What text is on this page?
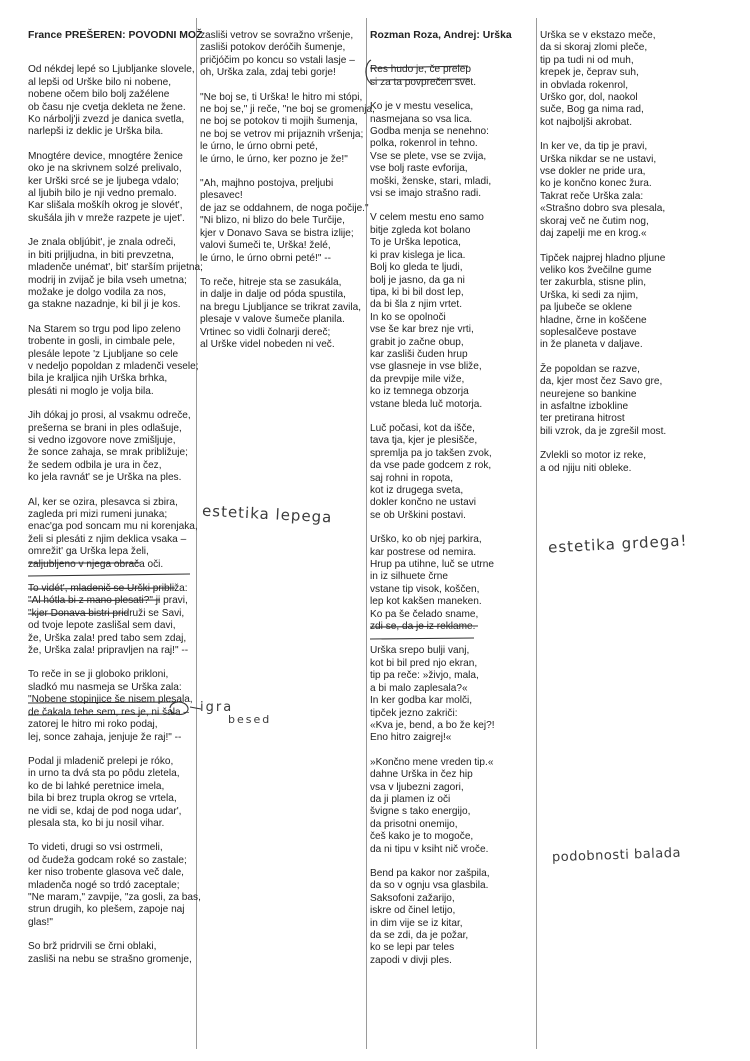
France PREŠEREN: POVODNI MOŽ
Od nékdej lepé so Ljubljanke slovele,
al lepši od Urške bilo ni nobene,
nobene očem bilo bolj zažélene
ob času nje cvetja dekleta ne žene.
Ko nárbolj'ji zvezd je danica svetla,
narlepši iz deklic je Urška bila.
Mnogtére device, mnogtére ženice
oko je na skrivnem solzé prelivalo,
ker Urški srcé se je ljubega vdalo;
al ljubih bilo je nji vedno premalo.
Kar slišala moškíh okrog je slovét',
skušála jih v mreže razpete je ujet'.
Je znala oblјúbit', je znala odreči,
in biti prijljudna, in biti prevzetna,
mladenče unémat', bit' starším prijetna;
modrij in zvijač je bila vseh umetna;
možake je dolgo vodila za nos,
ga stakne nazadnje, ki bil ji je kos.
Na Starem so trgu pod lipo zeleno
trobente in gosli, in cimbale pele,
plesále lepote 'z Ljubljane so cele
v nedeljo popoldan z mladenči vesele;
bila je kraljica njih Urška brhka,
plesáti ni moglo je volja bila.
Jih dókaj jo prosi, al vsakmu odreče,
prešerna se brani in ples odlašuje,
si vedno izgovore nove zmišljuje,
že sonce zahaja, se mrak približuje;
že sedem odbila je ura in čez,
ko jela ravnát' se je Urška na ples.
Al, ker se ozira, plesavca si zbira,
zagleda pri mizi rumeni junaka;
enac'ga pod soncam mu ni korenjaka,
želi si plesáti z njim deklica vsaka –
omrežit' ga Urška lepa želi,
zaljubljeno v njega obrača oči.
To vidét', mladenič se Urški približa:
"Al hótla bi z mano plesati?" ji pravi,
"kjer Donava bistri pridruži se Savi,
od tvoje lepote zaslišal sem davi,
že, Urška zala! pred tabo sem zdaj,
že, Urška zala! pripravljen na raj!" --
To reče in se ji globoko prikloni,
sladkó mu nasmeja se Urška zala:
"Nobene stopinjice še nisem plesala,
de čakala tebe sem, res je, ni šala –
zatorej le hitro mi roko podaj,
lej, sonce zahaja, jenjuje že raj!" --
Podal ji mladenič prelepi je róko,
in urno ta dvá sta po pôdu zletela,
ko de bi lahké peretnice imela,
bila bi brez trupla okrog se vrtela,
ne vidi se, kdaj de pod noga udar',
plesala sta, ko bi ju nosil vihar.
To videti, drugi so vsi ostrmeli,
od čudeža godcam roké so zastale;
ker niso trobente glasova več dale,
mladenča nogé so trdó zaceptale;
"Ne maram," zavpije, "za gosli, za bas,
strun drugih, ko plešem, zapoje naj
glas!"
So brž pridrvili se črni oblaki,
zasliši na nebu se strašno gromenje,
zasliši vetrov se sovražno vršenje,
zasliši potokov deróčih šumenje,
pričjóčim po koncu so vstali lasje –
oh, Urška zala, zdaj tebi gorje!
"Ne boj se, ti Urška! le hitro mi stópi,
ne boj se," ji reče, "ne boj se gromenja,
ne boj se potokov ti mojih šumenja,
ne boj se vetrov mi prijaznih vršenja;
le úrno, le úrno obrni peté,
le úrno, le úrno, ker pozno je že!"
"Ah, majhno postojva, prelјubi
plesavec!
de jaz se oddahnem, de noga počije."
"Ni blizo, ni blizo do bele Turčije,
kjer v Donavo Sava se bistra izlije;
valovi šumeči te, Urška! želé,
le úrno, le úrno obrni peté!" --
To reče, hitreje sta se zasukála,
in dalje in dalje od póda spustila,
na bregu Ljubljance se trikrat zavila,
plesaje v valove šumeče planila.
Vrtinec so vidli čolnarji dereč;
al Urške videl nobeden ni več.
Rozman Roza, Andrej: Urška
Res hudo je, če prelep
si za ta povprečen svet.
Ko je v mestu veselica,
nasmejana so vsa lica.
Godba menja se nenehno:
polka, rokenrol in tehno.
Vse se plete, vse se zvija,
vse bolj raste evforija,
moški, ženske, stari, mladi,
vsi se imajo strašno radi.
V celem mestu eno samo
bitje zgleda kot bolano
To je Urška lepotica,
ki prav kislega je lica.
Bolj ko gleda te ljudi,
bolj je jasno, da ga ni
tipa, ki bi bil dost lep,
da bi šla z njim vrtet.
In ko se opolnoči
vse še kar brez nje vrti,
grabit jo začne obup,
kar zasliši čuden hrup
vse glasneje in vse bliže,
da prevpije mile viže,
ko iz temnega obzorja
vstane bleda luč motorja.
Luč počasi, kot da išče,
tava tja, kjer je plesišče,
spremlja pa jo takšen zvok,
da vse pade godcem z rok,
saj rohni in ropota,
kot iz drugega sveta,
dokler končno ne ustavi
se ob Urškini postavi.
Urško, ko ob njej parkira,
kar postrese od nemira.
Hrup pa utihne, luč se utrne
in iz silhuete črne
vstane tip visok, koščen,
lep kot kakšen maneken.
Ko pa še čelado sname,
zdi se, da je iz reklame.
Urška srepo bulji vanj,
kot bi bil pred njo ekran,
tip pa reče: »živjo, mala,
a bi malo zaplesala?«
In ker godba kar molči,
tipček jezno zakriči:
«Kva je, bend, a bo že kej?!
Eno hitro zaigrej!«
»Končno mene vreden tip.«
dahne Urška in čez hip
vsa v ljubezni zagori,
da ji plamen iz oči
švigne s tako energijo,
da prisotni onemijo,
češ kako je to mogoče,
da ni tipu v ksiht nič vroče.
Bend pa kakor nor zašpila,
da so v ognju vsa glasbila.
Saksofoni zažarijo,
iskre od činel letijo,
in dim vije se iz kitar,
da se zdi, da je požar,
ko se lepi par teles
zapodi v divji ples.
Urška se v ekstazo meče,
da si skoraj zlomi pleče,
tip pa tudi ni od muh,
krepek je, čeprav suh,
in obvlada rokenrol,
Urško gor, dol, naokol
suče, Bog ga nima rad,
kot najboljši akrobat.
In ker ve, da tip je pravi,
Urška nikdar se ne ustavi,
vse dokler ne pride ura,
ko je končno konec žura.
Takrat reče Urška zala:
«Strašno dobro sva plesala,
skoraj več ne čutim nog,
daj zapelji me en krog.«
Tipček najprej hladno pljune
veliko kos žvečilne gume
ter zakurbla, stisne plin,
Urška, ki sedi za njim,
pa ljubeče se oklene
hladne, črne in koščene
soplesalčeve postave
in že planeta v daljave.
Že popoldan se razve,
da, kjer most čez Savo gre,
neurejene so bankine
in asfaltne izboklіne
ter pretirana hitrost
bili vzrok, da je zgrešil most.
Zvlekli so motor iz reke,
a od njiju niti obleke.
estetika lepega
igra
besed
estetika grdega!
podobnosti balada
